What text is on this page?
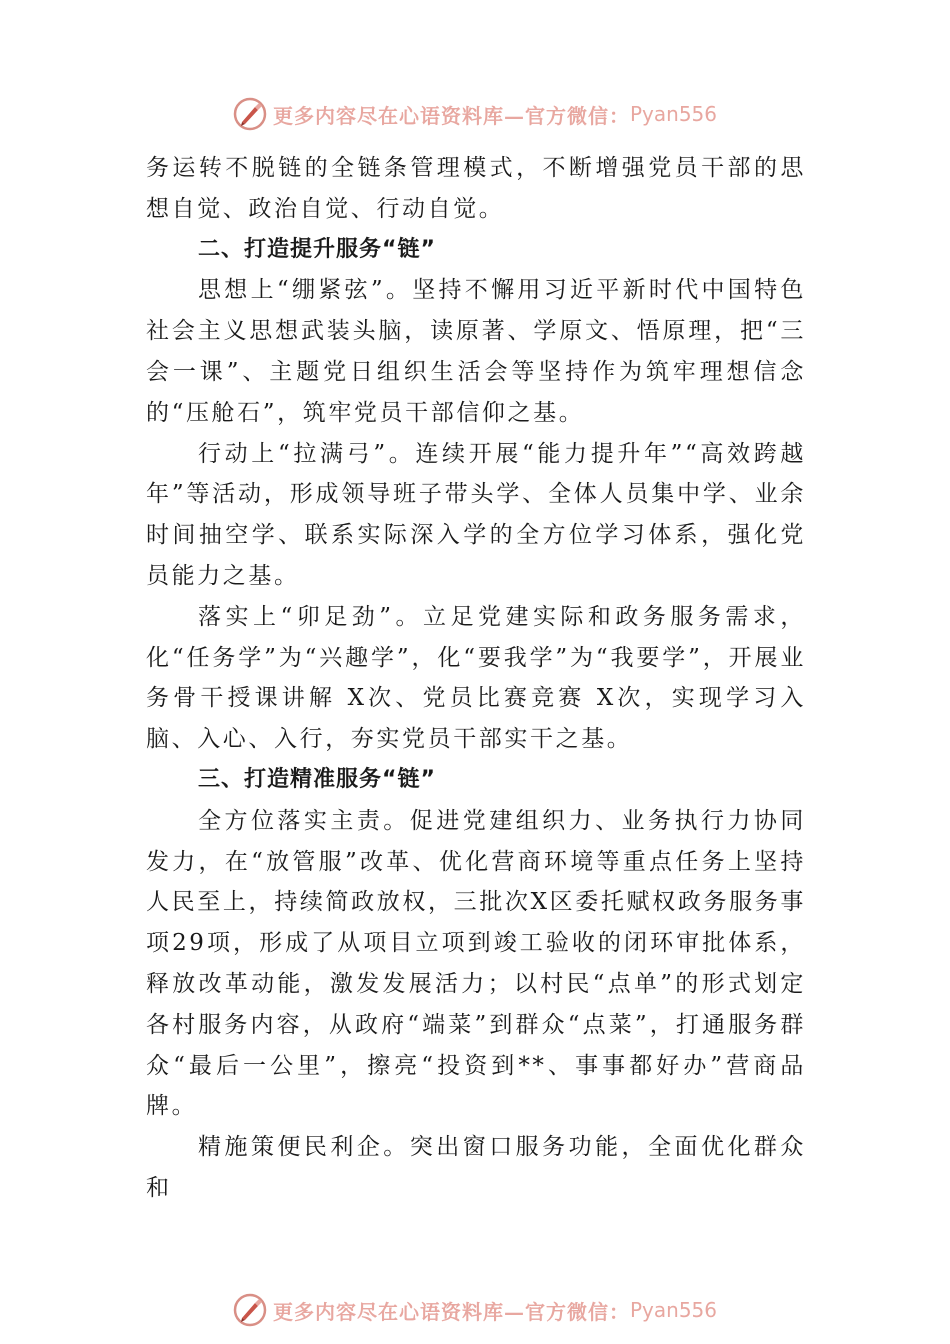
更多内容尽在心语资料库—官方微信： Pyan556

务运转不脱链的全链条管理模式，不断增强党员干部的思想自觉、政治自觉、行动自觉。

二、打造提升服务“链”

思想上“绷紧弦”。坚持不懈用习近平新时代中国特色社会主义思想武装头脑，读原著、学原文、悟原理，把“三会一课”、主题党日组织生活会等坚持作为筑牢理想信念的“压舱石”，筑牢党员干部信仰之基。

行动上“拉满弓”。连续开展“能力提升年”“高效跨越年”等活动，形成领导班子带头学、全体人员集中学、业余时间抽空学、联系实际深入学的全方位学习体系，强化党员能力之基。

落实上“卯足劲”。立足党建实际和政务服务需求，化“任务学”为“兴趣学”，化“要我学”为“我要学”，开展业务骨干授课讲解 X次、党员比赛竞赛 X次，实现学习入脑、入心、入行，夯实党员干部实干之基。

三、打造精准服务“链”

全方位落实主责。促进党建组织力、业务执行力协同发力，在“放管服”改革、优化营商环境等重点任务上坚持人民至上，持续简政放权，三批次X区委托赋权政务服务事项29项，形成了从项目立项到竣工验收的闭环审批体系，释放改革动能，激发发展活力；以村民“点单”的形式划定各村服务内容，从政府“端菜”到群众“点菜”，打通服务群众“最后一公里”，擦亮“投资到**、事事都好办”营商品牌。

精施策便民利企。突出窗口服务功能，全面优化群众和

更多内容尽在心语资料库—官方微信： Pyan556
